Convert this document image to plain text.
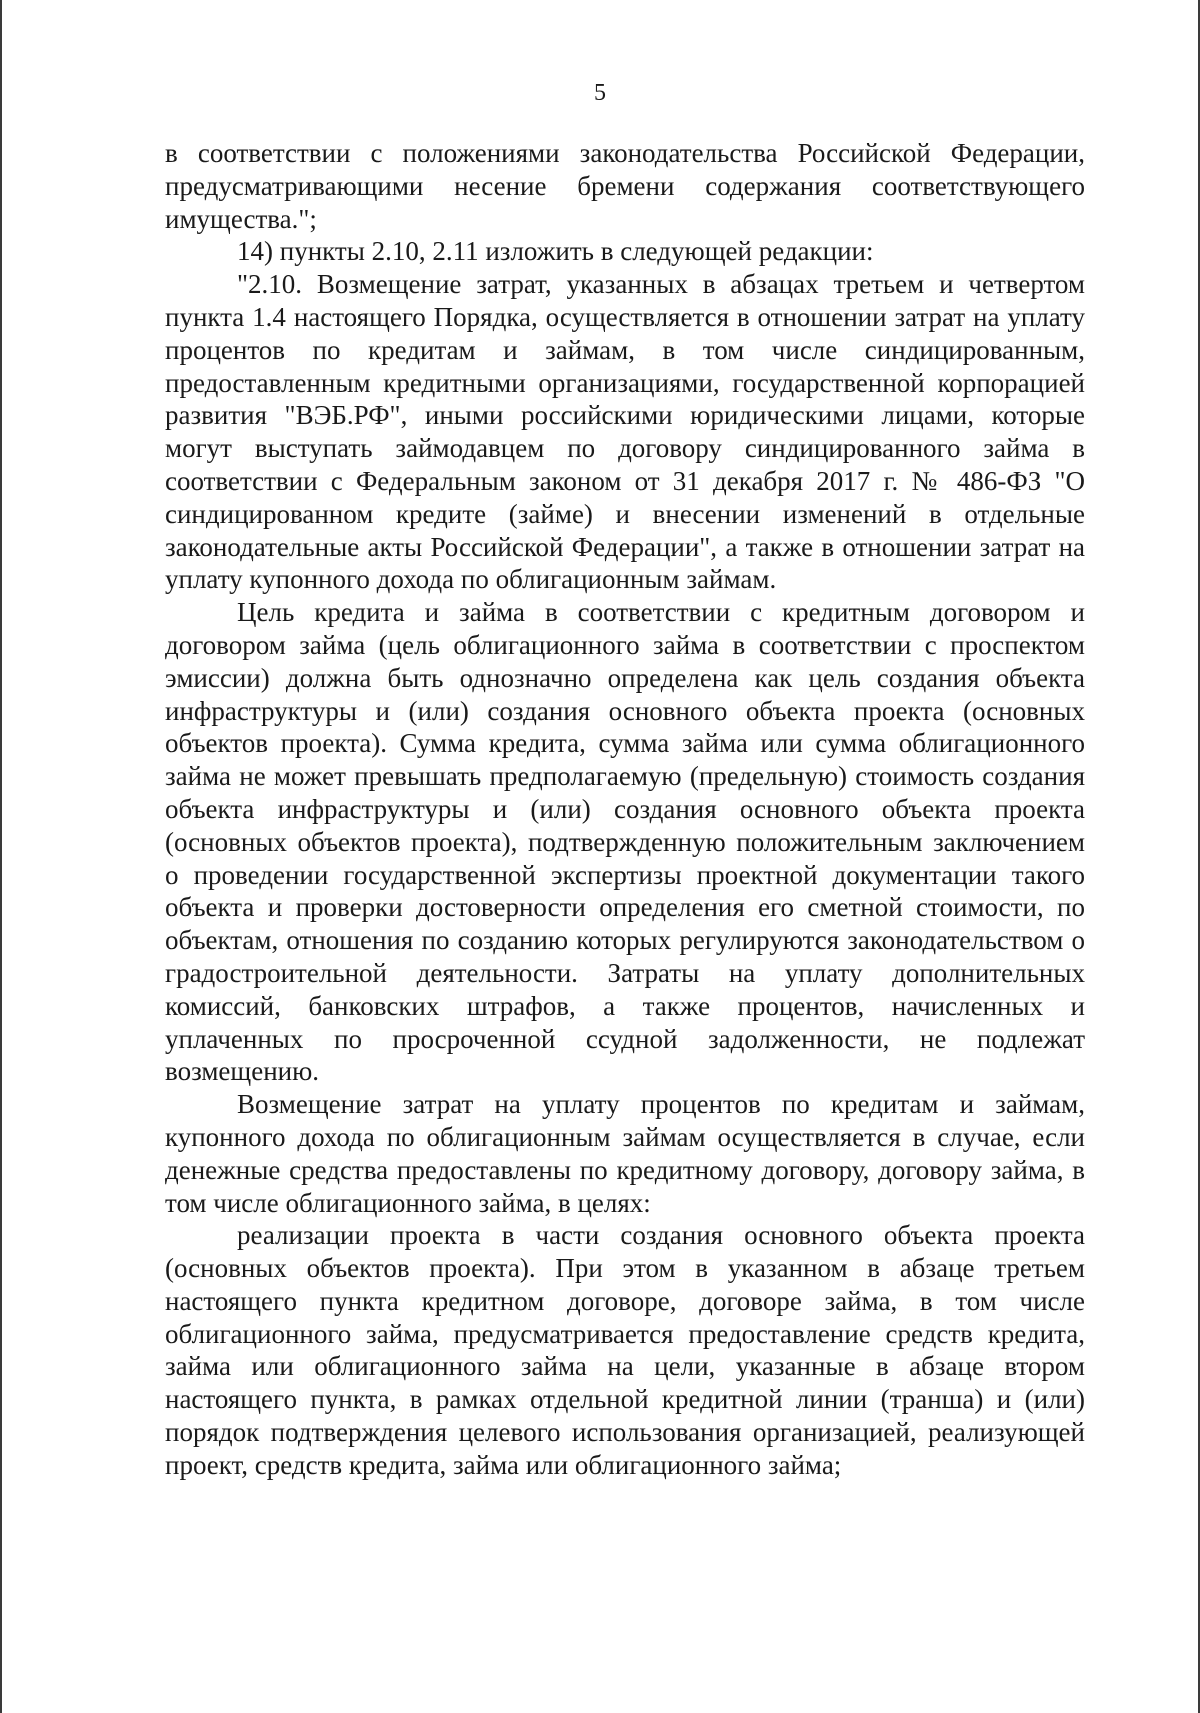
5

в соответствии с положениями законодательства Российской Федерации, предусматривающими несение бремени содержания соответствующего имущества.";

14) пункты 2.10, 2.11 изложить в следующей редакции:

"2.10. Возмещение затрат, указанных в абзацах третьем и четвертом пункта 1.4 настоящего Порядка, осуществляется в отношении затрат на уплату процентов по кредитам и займам, в том числе синдицированным, предоставленным кредитными организациями, государственной корпорацией развития "ВЭБ.РФ", иными российскими юридическими лицами, которые могут выступать займодавцем по договору синдицированного займа в соответствии с Федеральным законом от 31 декабря 2017 г. № 486-ФЗ "О синдицированном кредите (займе) и внесении изменений в отдельные законодательные акты Российской Федерации", а также в отношении затрат на уплату купонного дохода по облигационным займам.

Цель кредита и займа в соответствии с кредитным договором и договором займа (цель облигационного займа в соответствии с проспектом эмиссии) должна быть однозначно определена как цель создания объекта инфраструктуры и (или) создания основного объекта проекта (основных объектов проекта). Сумма кредита, сумма займа или сумма облигационного займа не может превышать предполагаемую (предельную) стоимость создания объекта инфраструктуры и (или) создания основного объекта проекта (основных объектов проекта), подтвержденную положительным заключением о проведении государственной экспертизы проектной документации такого объекта и проверки достоверности определения его сметной стоимости, по объектам, отношения по созданию которых регулируются законодательством о градостроительной деятельности. Затраты на уплату дополнительных комиссий, банковских штрафов, а также процентов, начисленных и уплаченных по просроченной ссудной задолженности, не подлежат возмещению.

Возмещение затрат на уплату процентов по кредитам и займам, купонного дохода по облигационным займам осуществляется в случае, если денежные средства предоставлены по кредитному договору, договору займа, в том числе облигационного займа, в целях:

реализации проекта в части создания основного объекта проекта (основных объектов проекта). При этом в указанном в абзаце третьем настоящего пункта кредитном договоре, договоре займа, в том числе облигационного займа, предусматривается предоставление средств кредита, займа или облигационного займа на цели, указанные в абзаце втором настоящего пункта, в рамках отдельной кредитной линии (транша) и (или) порядок подтверждения целевого использования организацией, реализующей проект, средств кредита, займа или облигационного займа;
